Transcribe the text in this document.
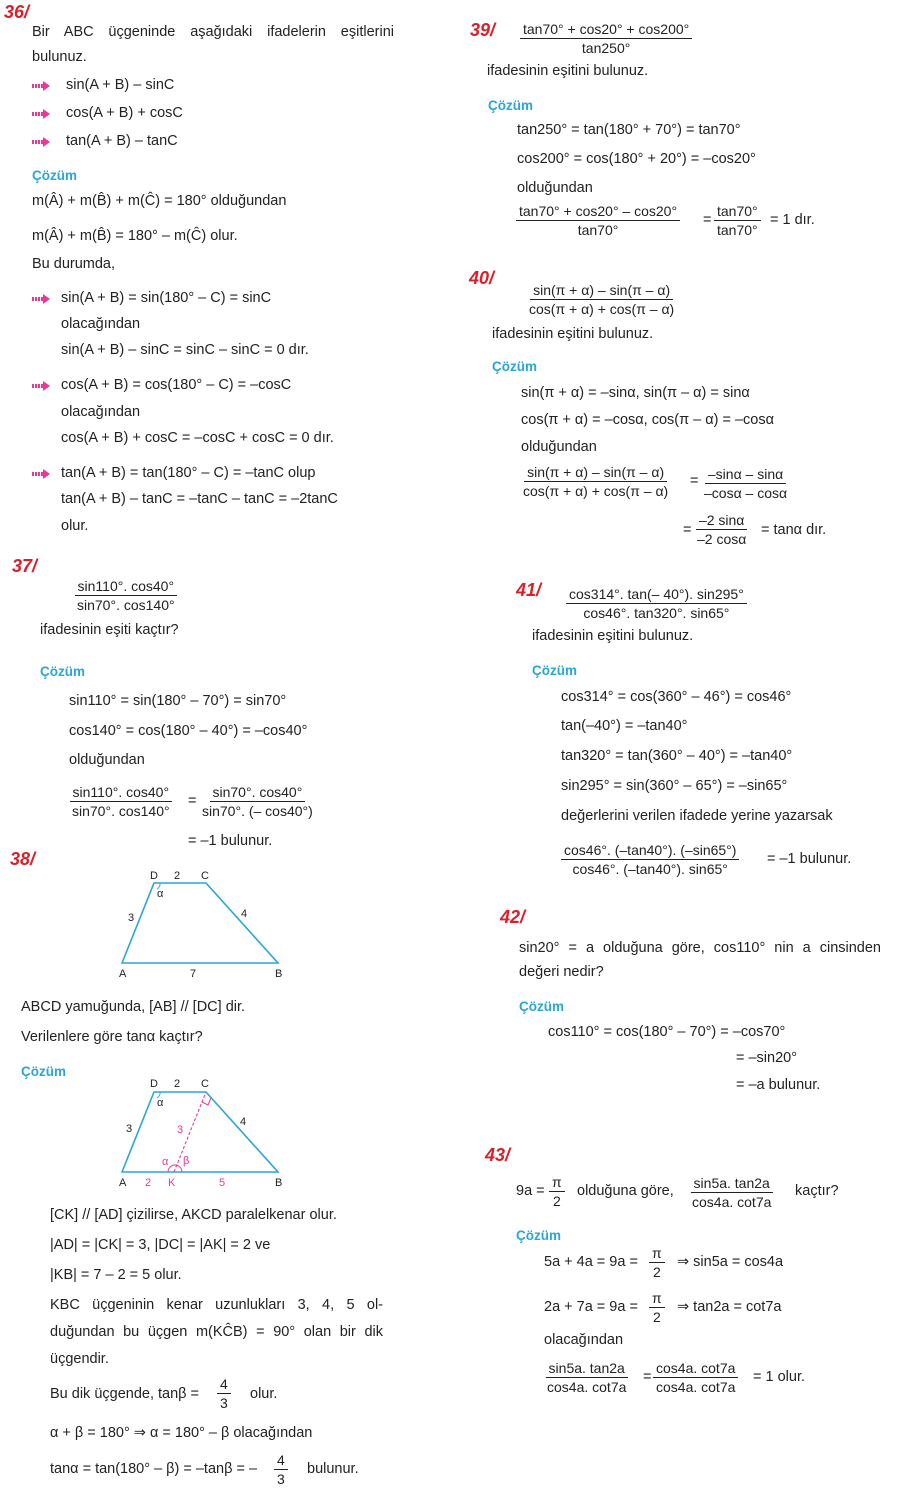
36/
Bir ABC üçgeninde aşağıdaki ifadelerin eşitlerini
bulunuz.
sin(A + B) – sinC
cos(A + B) + cosC
tan(A + B) – tanC
Çözüm
m(Â) + m(B̂) + m(Ĉ) = 180° olduğundan
m(Â) + m(B̂) = 180° – m(Ĉ) olur.
Bu durumda,
sin(A + B) = sin(180° – C) = sinC
olacağından
sin(A + B) – sinC = sinC – sinC = 0 dır.
cos(A + B) = cos(180° – C) = –cosC
olacağından
cos(A + B) + cosC = –cosC + cosC = 0 dır.
tan(A + B) = tan(180° – C) = –tanC olup
tan(A + B) – tanC = –tanC – tanC = –2tanC
olur.
37/
$\frac{\sin 110^\circ. \cos 40^\circ}{\sin 70^\circ. \cos 140^\circ}$
ifadesinin eşiti kaçtır?
Çözüm
sin110° = sin(180° – 70°) = sin70°
cos140° = cos(180° – 40°) = –cos40°
olduğundan
$\frac{\sin 110^\circ. \cos 40^\circ}{\sin 70^\circ. \cos 140^\circ} = \frac{\sin 70^\circ. \cos 40^\circ}{\sin 70^\circ. (- \cos 40^\circ)}$
= –1 bulunur.
38/
D 2 C
α
3	4
A	7	B
ABCD yamuğunda, [AB] // [DC] dir.
Verilenlere göre tanα kaçtır?
Çözüm
D 2 C
α
3	3
4
α β
A 2 K	5	B
[CK] // [AD] çizilirse, AKCD paralelkenar olur.
|AD| = |CK| = 3, |DC| = |AK| = 2 ve
|KB| = 7 – 2 = 5 olur.
KBC üçgeninin kenar uzunlukları 3, 4, 5 ol-
duğundan bu üçgen m(KĈB) = 90° olan bir dik
üçgendir.
Bu dik üçgende, $\tan\beta = \frac{4}{3}$ olur.
α + β = 180° ⇒ α = 180° – β olacağından
tanα = tan(180° – β) = –tanβ = – $\frac{4}{3}$ bulunur.
$39/ \frac{\tan 70^\circ + \cos 20^\circ + \cos 200^\circ}{\tan 250^\circ}$
ifadesinin eşitini bulunuz.
Çözüm
tan250° = tan(180° + 70°) = tan70°
cos200° = cos(180° + 20°) = –cos20°
olduğundan
$\frac{\tan 70^\circ + \cos 20^\circ - \cos 20^\circ}{\tan 70^\circ} = \frac{\tan 70^\circ}{\tan 70^\circ} = 1$ dır.
40/
$\frac{\sin(\pi + \alpha) - \sin(\pi - \alpha)}{\cos(\pi + \alpha) + \cos(\pi - \alpha)}$
ifadesinin eşitini bulunuz.
Çözüm
sin(π + α) = –sinα, sin(π – α) = sinα
cos(π + α) = –cosα, cos(π – α) = –cosα
olduğundan
$\frac{\sin(\pi + \alpha) - \sin(\pi - \alpha)}{\cos(\pi + \alpha) + \cos(\pi - \alpha)} = \frac{-\sin\alpha - \sin\alpha}{-\cos\alpha - \cos\alpha}$
= $\frac{-2 \sin\alpha}{-2 \cos\alpha} = \tan\alpha$ dır.
$41/ \frac{\cos 314^\circ. \tan(- 40^\circ). \sin 295^\circ}{\cos 46^\circ. \tan 320^\circ. \sin 65^\circ}$
ifadesinin eşitini bulunuz.
Çözüm
cos314° = cos(360° – 46°) = cos46°
tan(–40°) = –tan40°
tan320° = tan(360° – 40°) = –tan40°
sin295° = sin(360° – 65°) = –sin65°
değerlerini verilen ifadede yerine yazarsak
$\frac{\cos 46^\circ. (-\tan 40^\circ). (-\sin 65^\circ)}{\cos 46^\circ. (-\tan 40^\circ). \sin 65^\circ} = -1$ bulunur.
42/
sin20° = a olduğuna göre, cos110° nin a cinsinden
değeri nedir?
Çözüm
cos110° = cos(180° – 70°) = –cos70°
= –sin20°
= –a bulunur.
43/
$9a = \frac{\pi}{2}$ olduğuna göre, $\frac{\sin 5a. \tan 2a}{\cos 4a. \cot 7a}$ kaçtır?
Çözüm
$5a + 4a = 9a = \frac{\pi}{2}$ ⇒ sin5a = cos4a
$2a + 7a = 9a = \frac{\pi}{2}$ ⇒ tan2a = cot7a
olacağından
$\frac{\sin 5a. \tan 2a}{\cos 4a. \cot 7a} = \frac{\cos 4a. \cot 7a}{\cos 4a. \cot 7a} = 1$ olur.
